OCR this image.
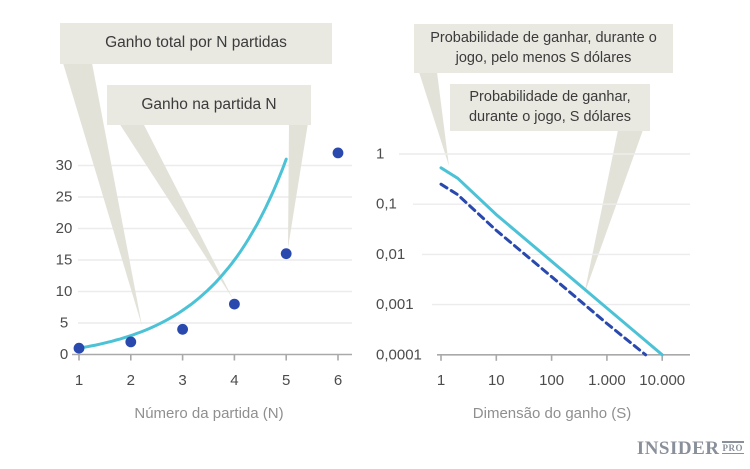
1	2	3	4	5	6
0
5
10
15
20
25
30
1	10 100 1.000 10.000
1
0,1
0,01
0,001
0,0001
Ganho total por N partidas
Ganho na partida N
Probabilidade de ganhar, durante o jogo, pelo menos S dólares
Probabilidade de ganhar, durante o jogo, S dólares
Número da partida (N)	Dimensão do ganho (S)
INSIDER PRO
